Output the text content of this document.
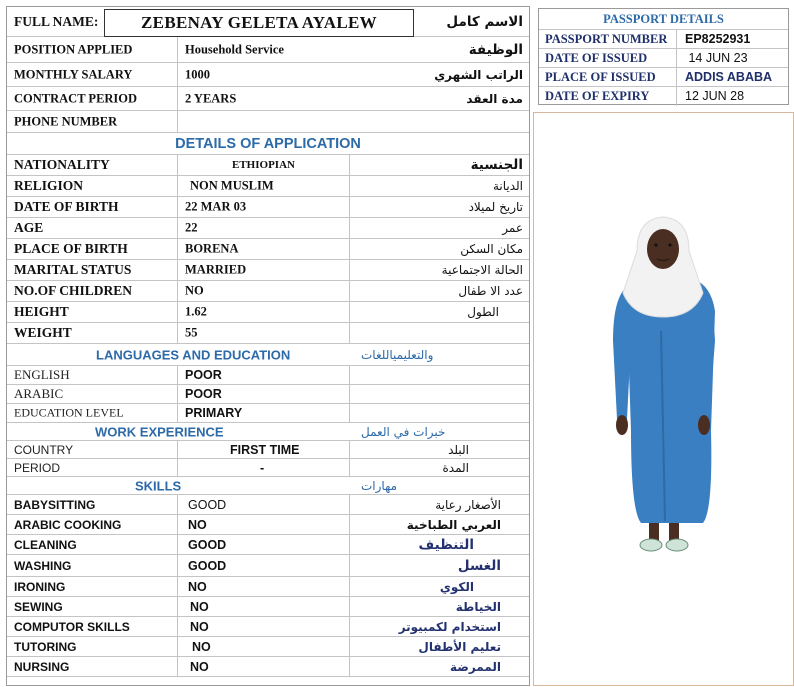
FULL NAME:	الاسم كامل
ZEBENAY GELETA AYALEW
POSITION APPLIED	Household Service	الوظيفة
MONTHLY SALARY	1000	الراتب الشهري
CONTRACT PERIOD	2 YEARS	مدة العقد
PHONE NUMBER
DETAILS OF APPLICATION
NATIONALITY	ETHIOPIAN	الجنسية
RELIGION	NON MUSLIM	الديانة
DATE OF BIRTH	22 MAR 03	تاريخ لميلاد
AGE	22	عمر
PLACE OF BIRTH	BORENA	مكان السكن
MARITAL STATUS	MARRIED	الحالة الاجتماعية
NO.OF CHILDREN	NO	عدد الا طفال
HEIGHT	1.62	الطول
WEIGHT	55
LANGUAGES AND EDUCATION	والتعليمياللغات
ENGLISH	POOR
ARABIC	POOR
EDUCATION LEVEL	PRIMARY
WORK EXPERIENCE	خبرات في العمل
COUNTRY	FIRST TIME	البلد
PERIOD	-	المدة
SKILLS	مهارات
BABYSITTING	GOOD	الأصغار رعاية
ARABIC COOKING	NO	العربي الطباخية
CLEANING	GOOD	التنظيف
WASHING	GOOD	الغسل
IRONING	NO	الكوي
SEWING	NO	الخياطة
COMPUTOR SKILLS	NO	استخدام لكمبيوتر
TUTORING	NO	تعليم الأطفال
NURSING	NO	الممرضة
PASSPORT DETAILS
PASSPORT NUMBER	EP8252931
DATE OF ISSUED	14 JUN 23
PLACE OF ISSUED	ADDIS ABABA
DATE OF EXPIRY	12 JUN 28
